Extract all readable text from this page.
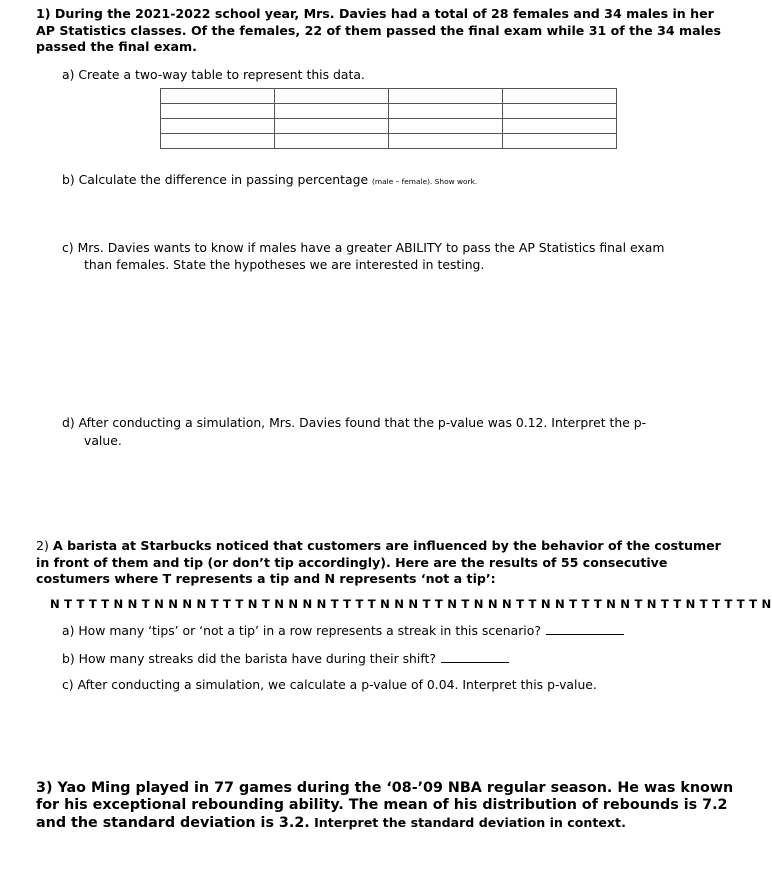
1) During the 2021-2022 school year, Mrs. Davies had a total of 28 females and 34 males in her AP Statistics classes. Of the females, 22 of them passed the final exam while 31 of the 34 males passed the final exam.
a) Create a two-way table to represent this data.

b) Calculate the difference in passing percentage (male – female). Show work.
c) Mrs. Davies wants to know if males have a greater ABILITY to pass the AP Statistics final exam
than females. State the hypotheses we are interested in testing.
d) After conducting a simulation, Mrs. Davies found that the p-value was 0.12. Interpret the p-
value.
2) A barista at Starbucks noticed that customers are influenced by the behavior of the costumer in front of them and tip (or don’t tip accordingly). Here are the results of 55 consecutive costumers where T represents a tip and N represents ‘not a tip’:
N T T T T N N T N N N N T T T N T N N N N T T T T N N N T T N T N N N T T N N T T T N N T N T T N T T T T T N
a) How many ‘tips’ or ‘not a tip’ in a row represents a streak in this scenario?
b) How many streaks did the barista have during their shift?
c) After conducting a simulation, we calculate a p-value of 0.04. Interpret this p-value.
3) Yao Ming played in 77 games during the ‘08-’09 NBA regular season. He was known for his exceptional rebounding ability. The mean of his distribution of rebounds is 7.2 and the standard deviation is 3.2. Interpret the standard deviation in context.
